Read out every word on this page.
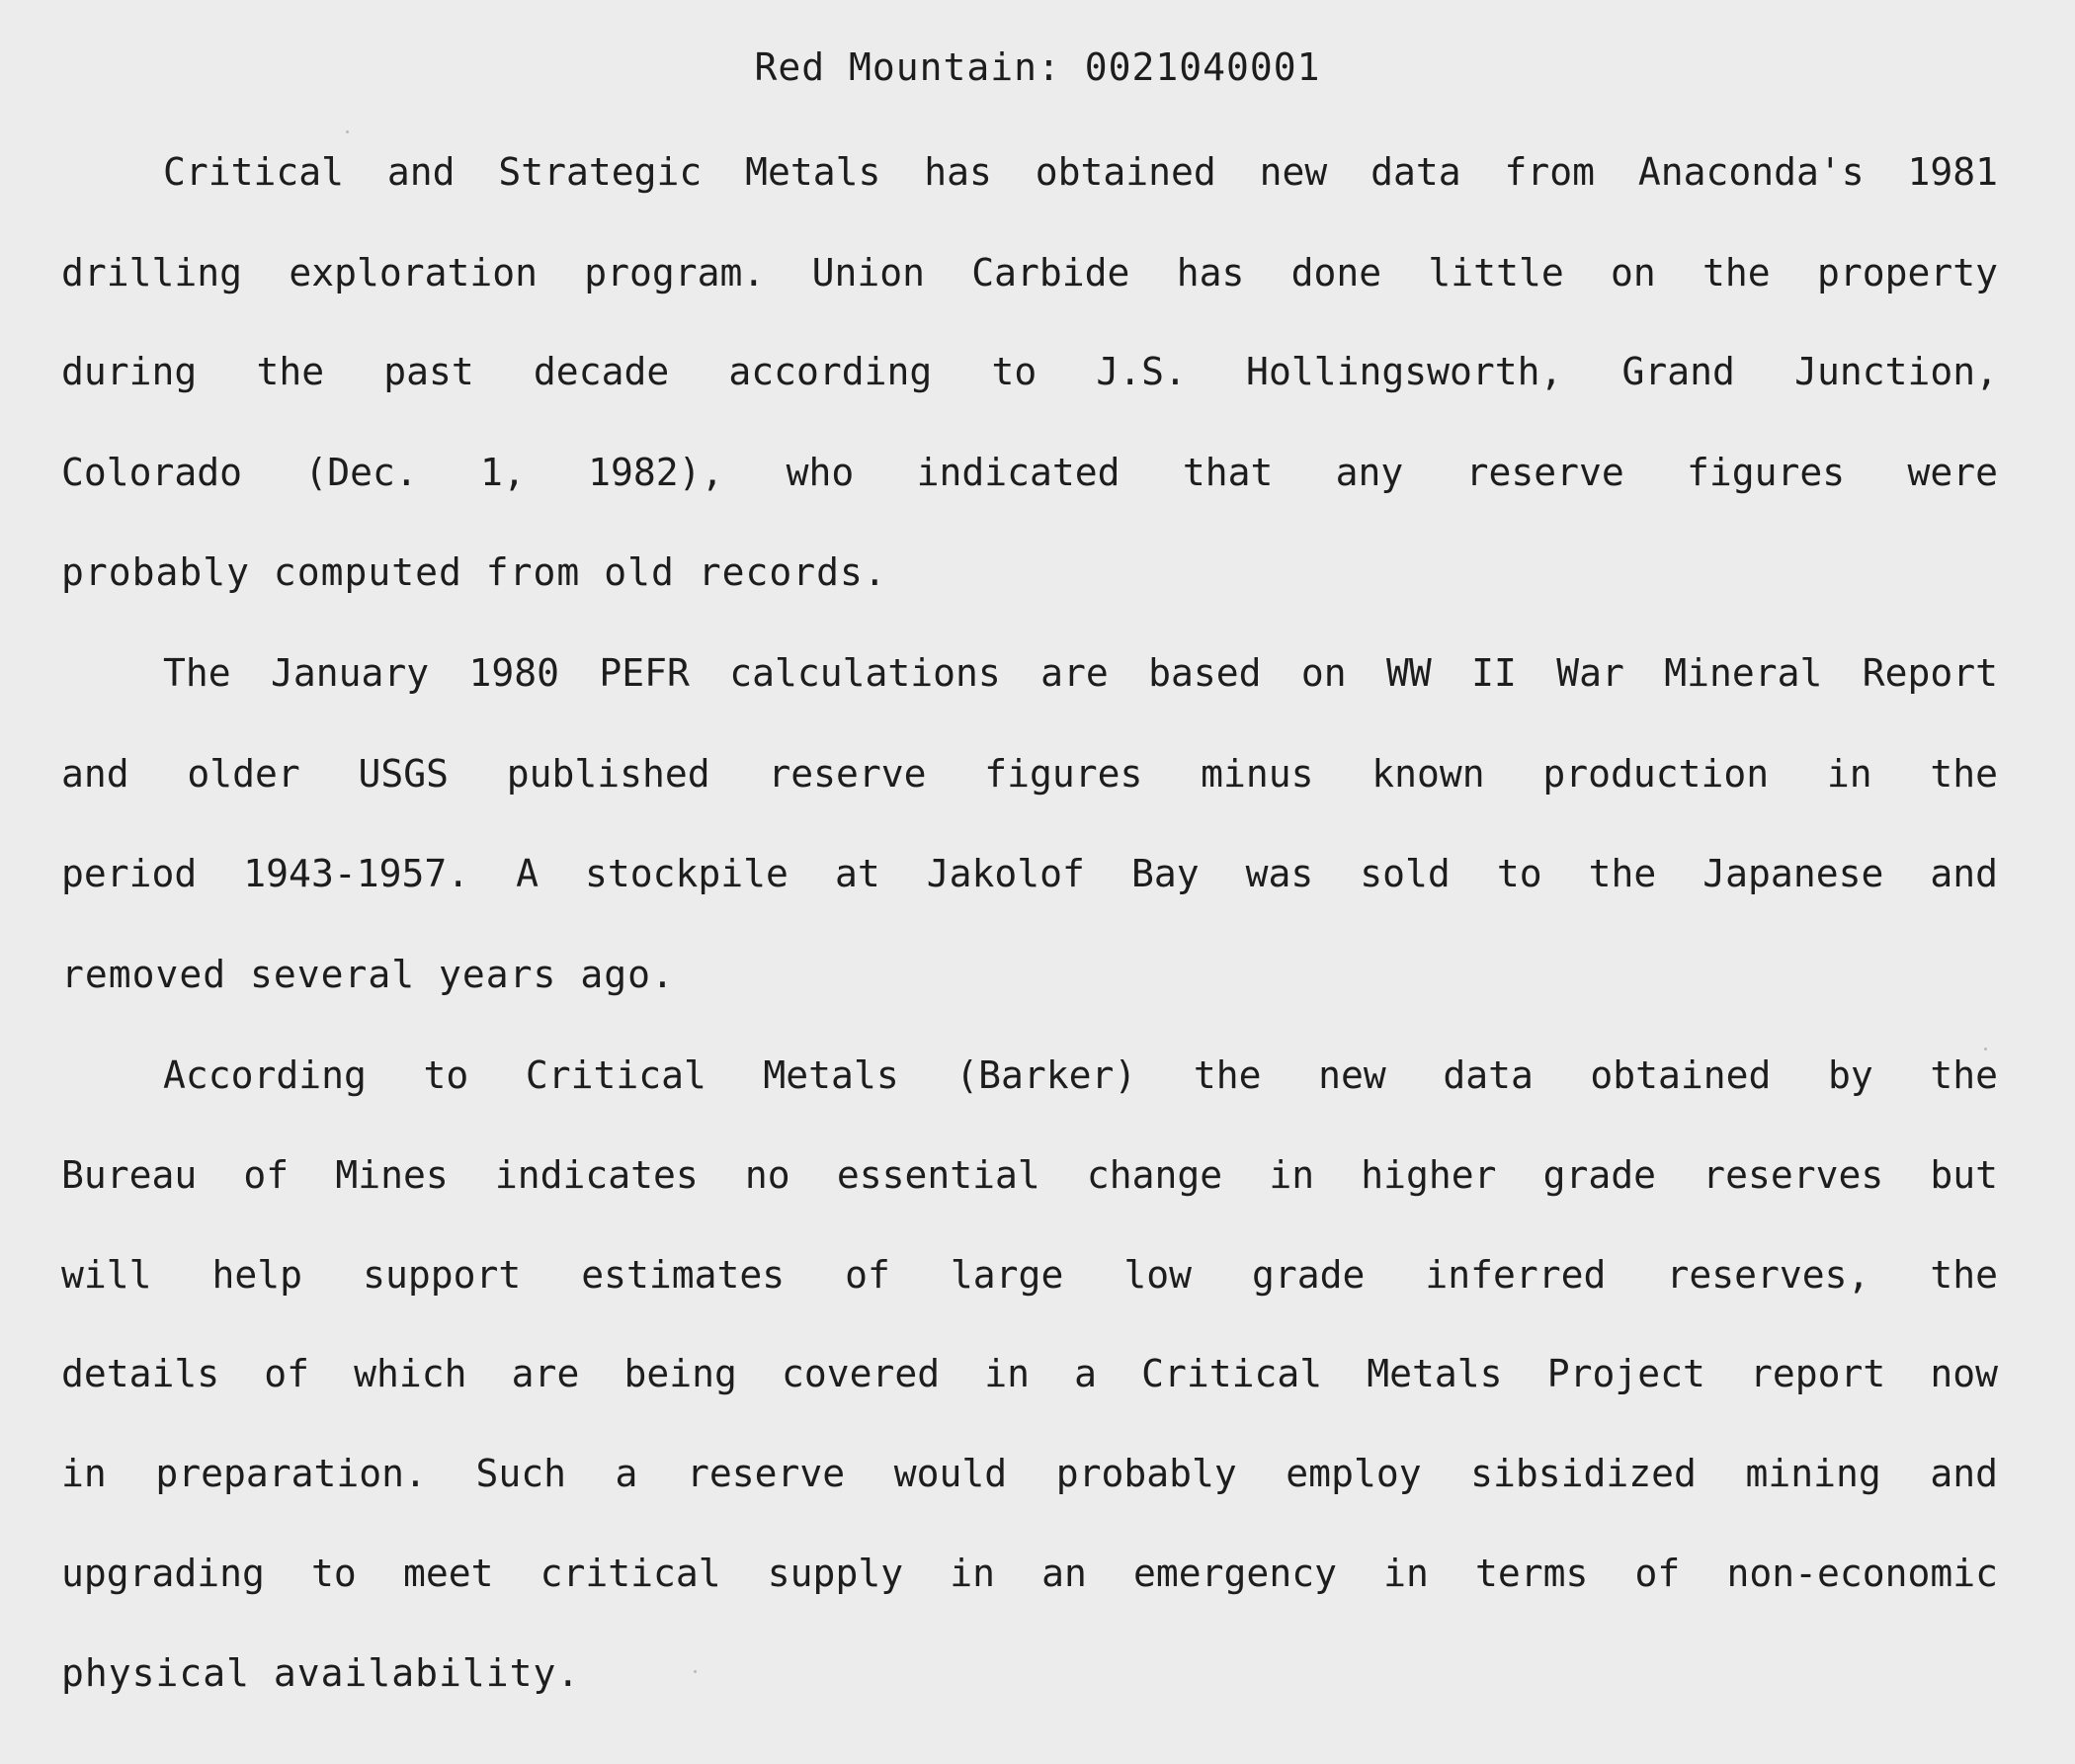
Red Mountain: 0021040001
Critical and Strategic Metals has obtained new data from Anaconda's 1981
drilling exploration program. Union Carbide has done little on the property
during the past decade according to J.S. Hollingsworth, Grand Junction,
Colorado (Dec. 1, 1982), who indicated that any reserve figures were
probably computed from old records.
The January 1980 PEFR calculations are based on WW II War Mineral Report
and older USGS published reserve figures minus known production in the
period 1943-1957. A stockpile at Jakolof Bay was sold to the Japanese and
removed several years ago.
According to Critical Metals (Barker) the new data obtained by the
Bureau of Mines indicates no essential change in higher grade reserves but
will help support estimates of large low grade inferred reserves, the
details of which are being covered in a Critical Metals Project report now
in preparation. Such a reserve would probably employ sibsidized mining and
upgrading to meet critical supply in an emergency in terms of non-economic
physical availability.
